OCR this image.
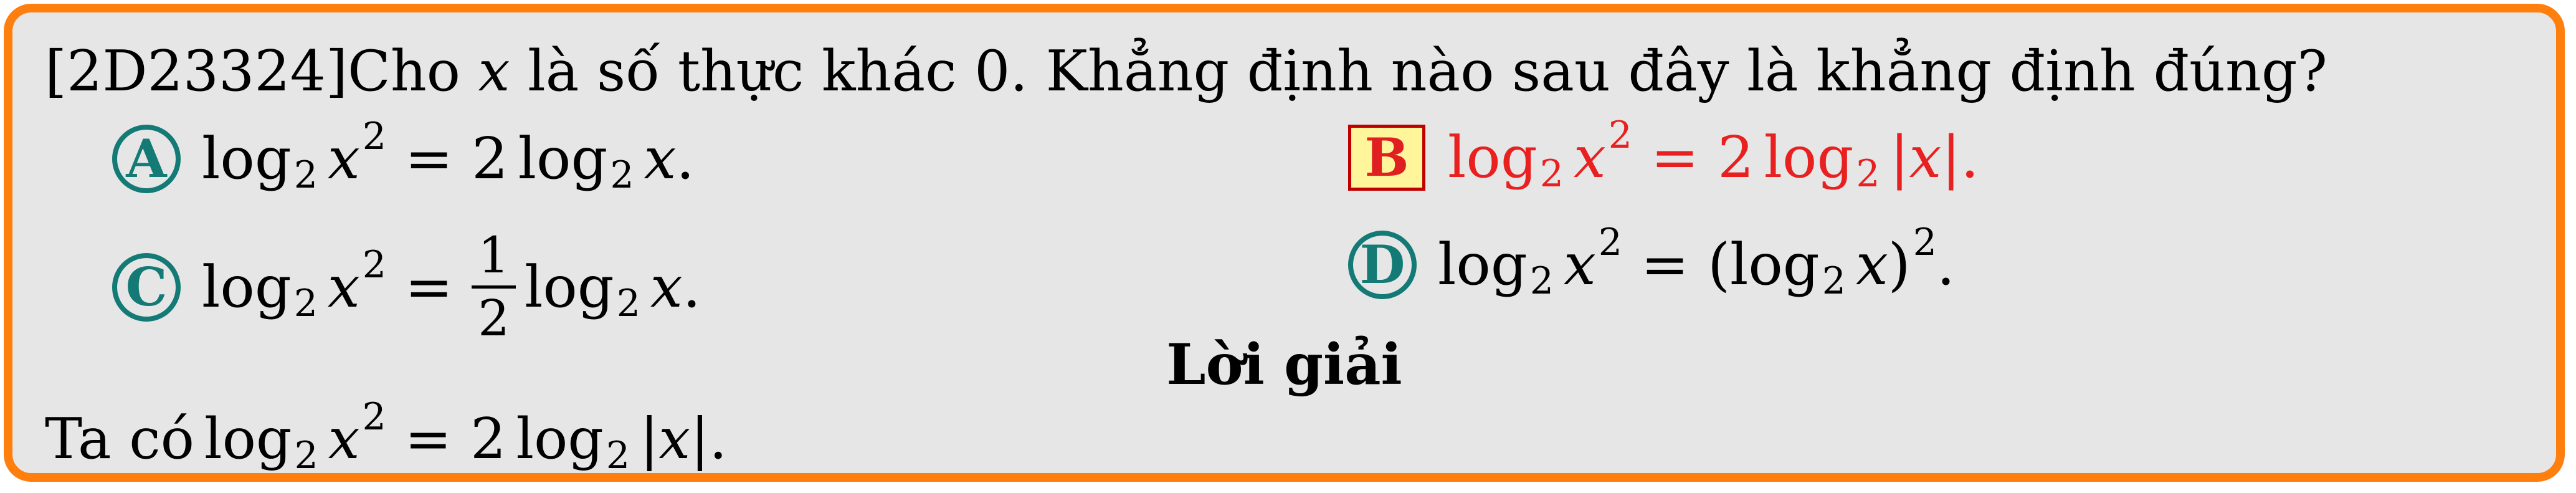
[2D23324]Cho x là số thực khác 0. Khẳng định nào sau đây là khẳng định đúng?
A log 2 x 2 = 2 log 2 x .	B log 2 x 2 = 2 log 2 |x| .
C log 2 x 2 = 1
2 log 2 x .	D log 2 x 2 = ( log 2 x ) 2 .
Lời giải
Ta có log 2 x 2 = 2 log 2 |x| .
